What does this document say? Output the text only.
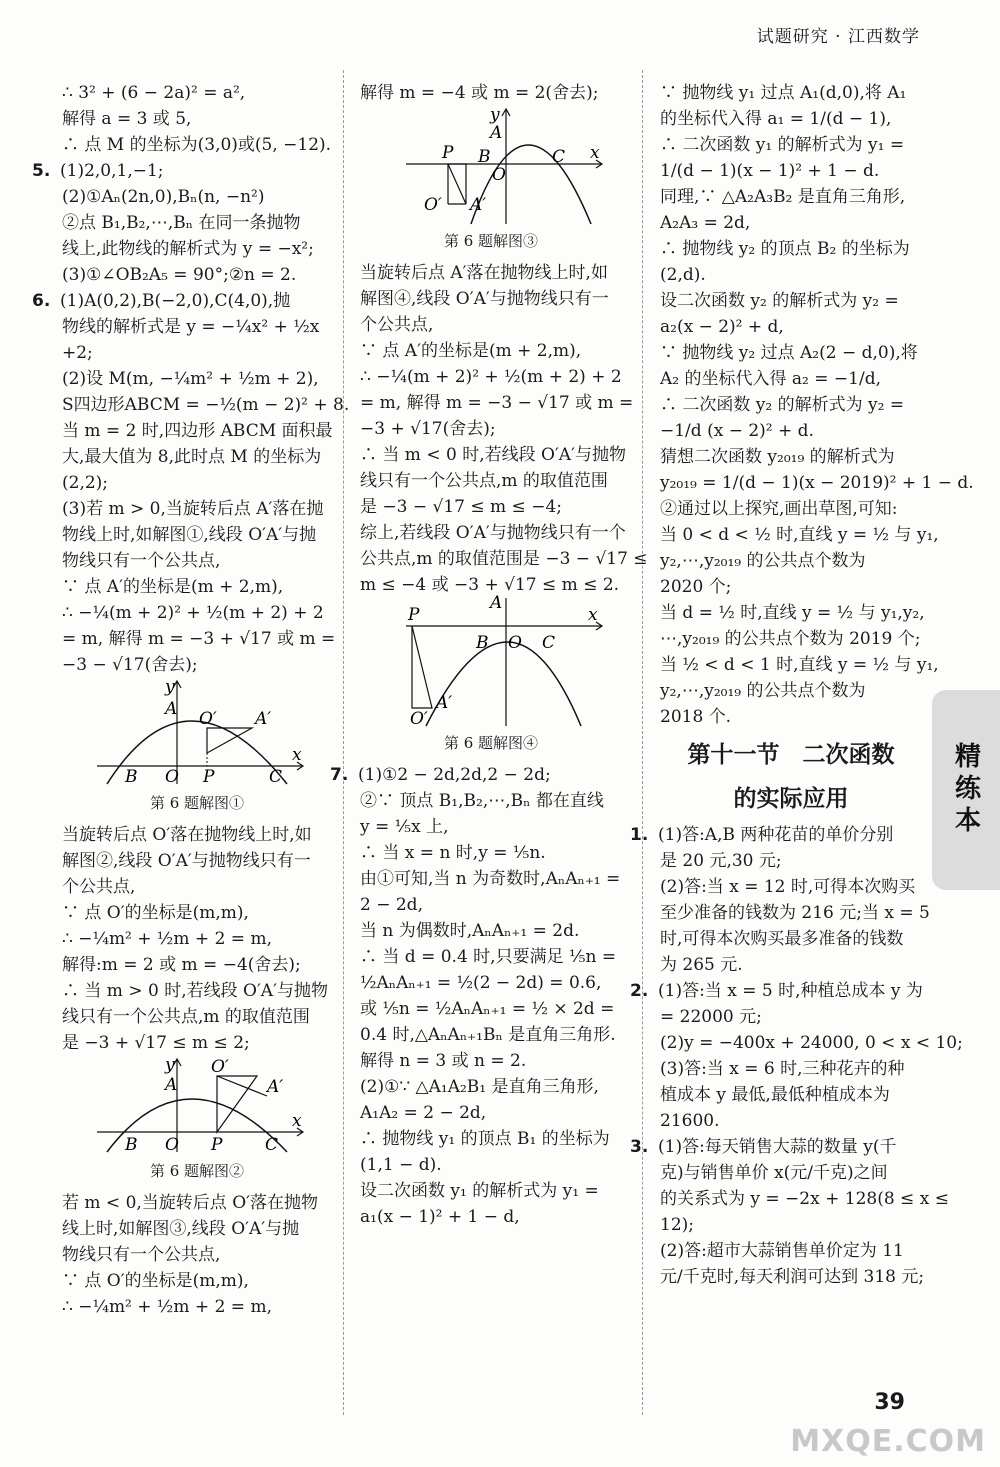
试题研究 · 江西数学
∴ 3² + (6 − 2a)² = a²,
解得 a = 3 或 5,
∴ 点 M 的坐标为(3,0)或(5, −12).
5. (1)2,0,1,−1;
(2)①Aₙ(2n,0),Bₙ(n, −n²)
②点 B₁,B₂,⋯,Bₙ 在同一条抛物
线上,此物线的解析式为 y = −x²;
(3)①∠OB₂A₅ = 90°;②n = 2.
6. (1)A(0,2),B(−2,0),C(4,0),抛
物线的解析式是 y = −¼x² + ½x
+2;
(2)设 M(m, −¼m² + ½m + 2),
S四边形ABCM = −½(m − 2)² + 8.
当 m = 2 时,四边形 ABCM 面积最
大,最大值为 8,此时点 M 的坐标为
(2,2);
(3)若 m > 0,当旋转后点 A′落在抛
物线上时,如解图①,线段 O′A′与抛
物线只有一个公共点,
∵ 点 A′的坐标是(m + 2,m),
∴ −¼(m + 2)² + ½(m + 2) + 2
= m, 解得 m = −3 + √17 或 m =
−3 − √17(舍去);
y
A O′ A′
B O P	C
x
第 6 题解图①
当旋转后点 O′落在抛物线上时,如
解图②,线段 O′A′与抛物线只有一
个公共点,
∵ 点 O′的坐标是(m,m),
∴ −¼m² + ½m + 2 = m,
解得:m = 2 或 m = −4(舍去);
∴ 当 m > 0 时,若线段 O′A′与抛物
线只有一个公共点,m 的取值范围
是 −3 + √17 ≤ m ≤ 2;
y
A
O′
A′
B O P	C
x
第 6 题解图②
若 m < 0,当旋转后点 O′落在抛物
线上时,如解图③,线段 O′A′与抛
物线只有一个公共点,
∵ 点 O′的坐标是(m,m),
∴ −¼m² + ½m + 2 = m,
解得 m = −4 或 m = 2(舍去);
y
A
P B
O
C x
O′ A′
第 6 题解图③
当旋转后点 A′落在抛物线上时,如
解图④,线段 O′A′与抛物线只有一
个公共点,
∵ 点 A′的坐标是(m + 2,m),
∴ −¼(m + 2)² + ½(m + 2) + 2
= m, 解得 m = −3 − √17 或 m =
−3 + √17(舍去);
∴ 当 m < 0 时,若线段 O′A′与抛物
线只有一个公共点,m 的取值范围
是 −3 − √17 ≤ m ≤ −4;
综上,若线段 O′A′与抛物线只有一个
公共点,m 的取值范围是 −3 − √17 ≤
m ≤ −4 或 −3 + √17 ≤ m ≤ 2.
A
P
B O C
x
O′
A′
第 6 题解图④
7. (1)①2 − 2d,2d,2 − 2d;
②∵ 顶点 B₁,B₂,⋯,Bₙ 都在直线
y = ⅕x 上,
∴ 当 x = n 时,y = ⅕n.
由①可知,当 n 为奇数时,AₙAₙ₊₁ =
2 − 2d,
当 n 为偶数时,AₙAₙ₊₁ = 2d.
∴ 当 d = 0.4 时,只要满足 ⅕n =
½AₙAₙ₊₁ = ½(2 − 2d) = 0.6,
或 ⅕n = ½AₙAₙ₊₁ = ½ × 2d =
0.4 时,△AₙAₙ₊₁Bₙ 是直角三角形.
解得 n = 3 或 n = 2.
(2)①∵ △A₁A₂B₁ 是直角三角形,
A₁A₂ = 2 − 2d,
∴ 抛物线 y₁ 的顶点 B₁ 的坐标为
(1,1 − d).
设二次函数 y₁ 的解析式为 y₁ =
a₁(x − 1)² + 1 − d,
∵ 抛物线 y₁ 过点 A₁(d,0),将 A₁
的坐标代入得 a₁ = 1/(d − 1),
∴ 二次函数 y₁ 的解析式为 y₁ =
1/(d − 1)(x − 1)² + 1 − d.
同理,∵ △A₂A₃B₂ 是直角三角形,
A₂A₃ = 2d,
∴ 抛物线 y₂ 的顶点 B₂ 的坐标为
(2,d).
设二次函数 y₂ 的解析式为 y₂ =
a₂(x − 2)² + d,
∵ 抛物线 y₂ 过点 A₂(2 − d,0),将
A₂ 的坐标代入得 a₂ = −1/d,
∴ 二次函数 y₂ 的解析式为 y₂ =
−1/d (x − 2)² + d.
猜想二次函数 y₂₀₁₉ 的解析式为
y₂₀₁₉ = 1/(d − 1)(x − 2019)² + 1 − d.
②通过以上探究,画出草图,可知:
当 0 < d < ½ 时,直线 y = ½ 与 y₁,
y₂,⋯,y₂₀₁₉ 的公共点个数为
2020 个;
当 d = ½ 时,直线 y = ½ 与 y₁,y₂,
⋯,y₂₀₁₉ 的公共点个数为 2019 个;
当 ½ < d < 1 时,直线 y = ½ 与 y₁,
y₂,⋯,y₂₀₁₉ 的公共点个数为
2018 个.
第十一节　二次函数
的实际应用
1. (1)答:A,B 两种花苗的单价分别
是 20 元,30 元;
(2)答:当 x = 12 时,可得本次购买
至少准备的钱数为 216 元;当 x = 5
时,可得本次购买最多准备的钱数
为 265 元.
2. (1)答:当 x = 5 时,种植总成本 y 为
= 22000 元;
(2)y = −400x + 24000, 0 < x < 10;
(3)答:当 x = 6 时,三种花卉的种
植成本 y 最低,最低种植成本为
21600.
3. (1)答:每天销售大蒜的数量 y(千
克)与销售单价 x(元/千克)之间
的关系式为 y = −2x + 128(8 ≤ x ≤
12);
(2)答:超市大蒜销售单价定为 11
元/千克时,每天利润可达到 318 元;
精练本
39
MXQE.COM
